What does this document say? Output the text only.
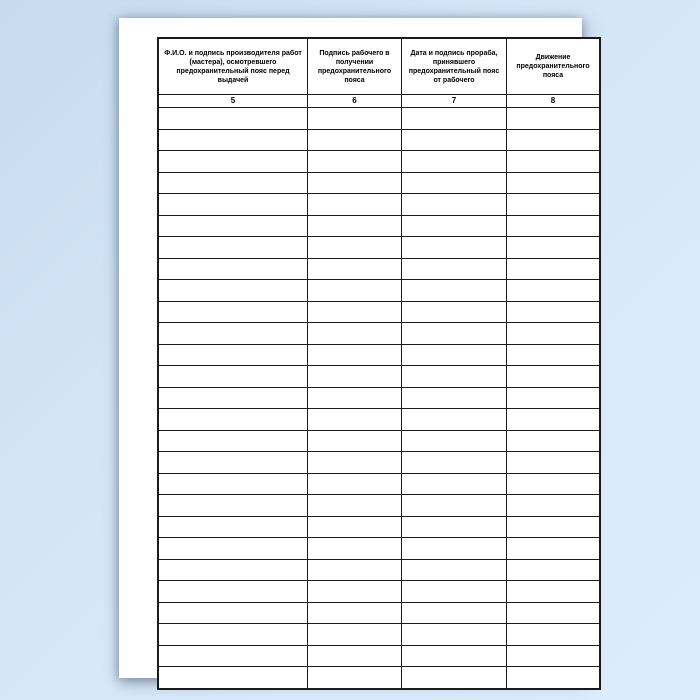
Ф.И.О. и подпись производителя работ (мастера), осмотревшего предохранительный пояс перед выдачей	Подпись рабочего в получении предохранительного пояса	Дата и подпись прораба, принявшего предохранительный пояс от рабочего	Движение предохранительного пояса
5	6	7	8
